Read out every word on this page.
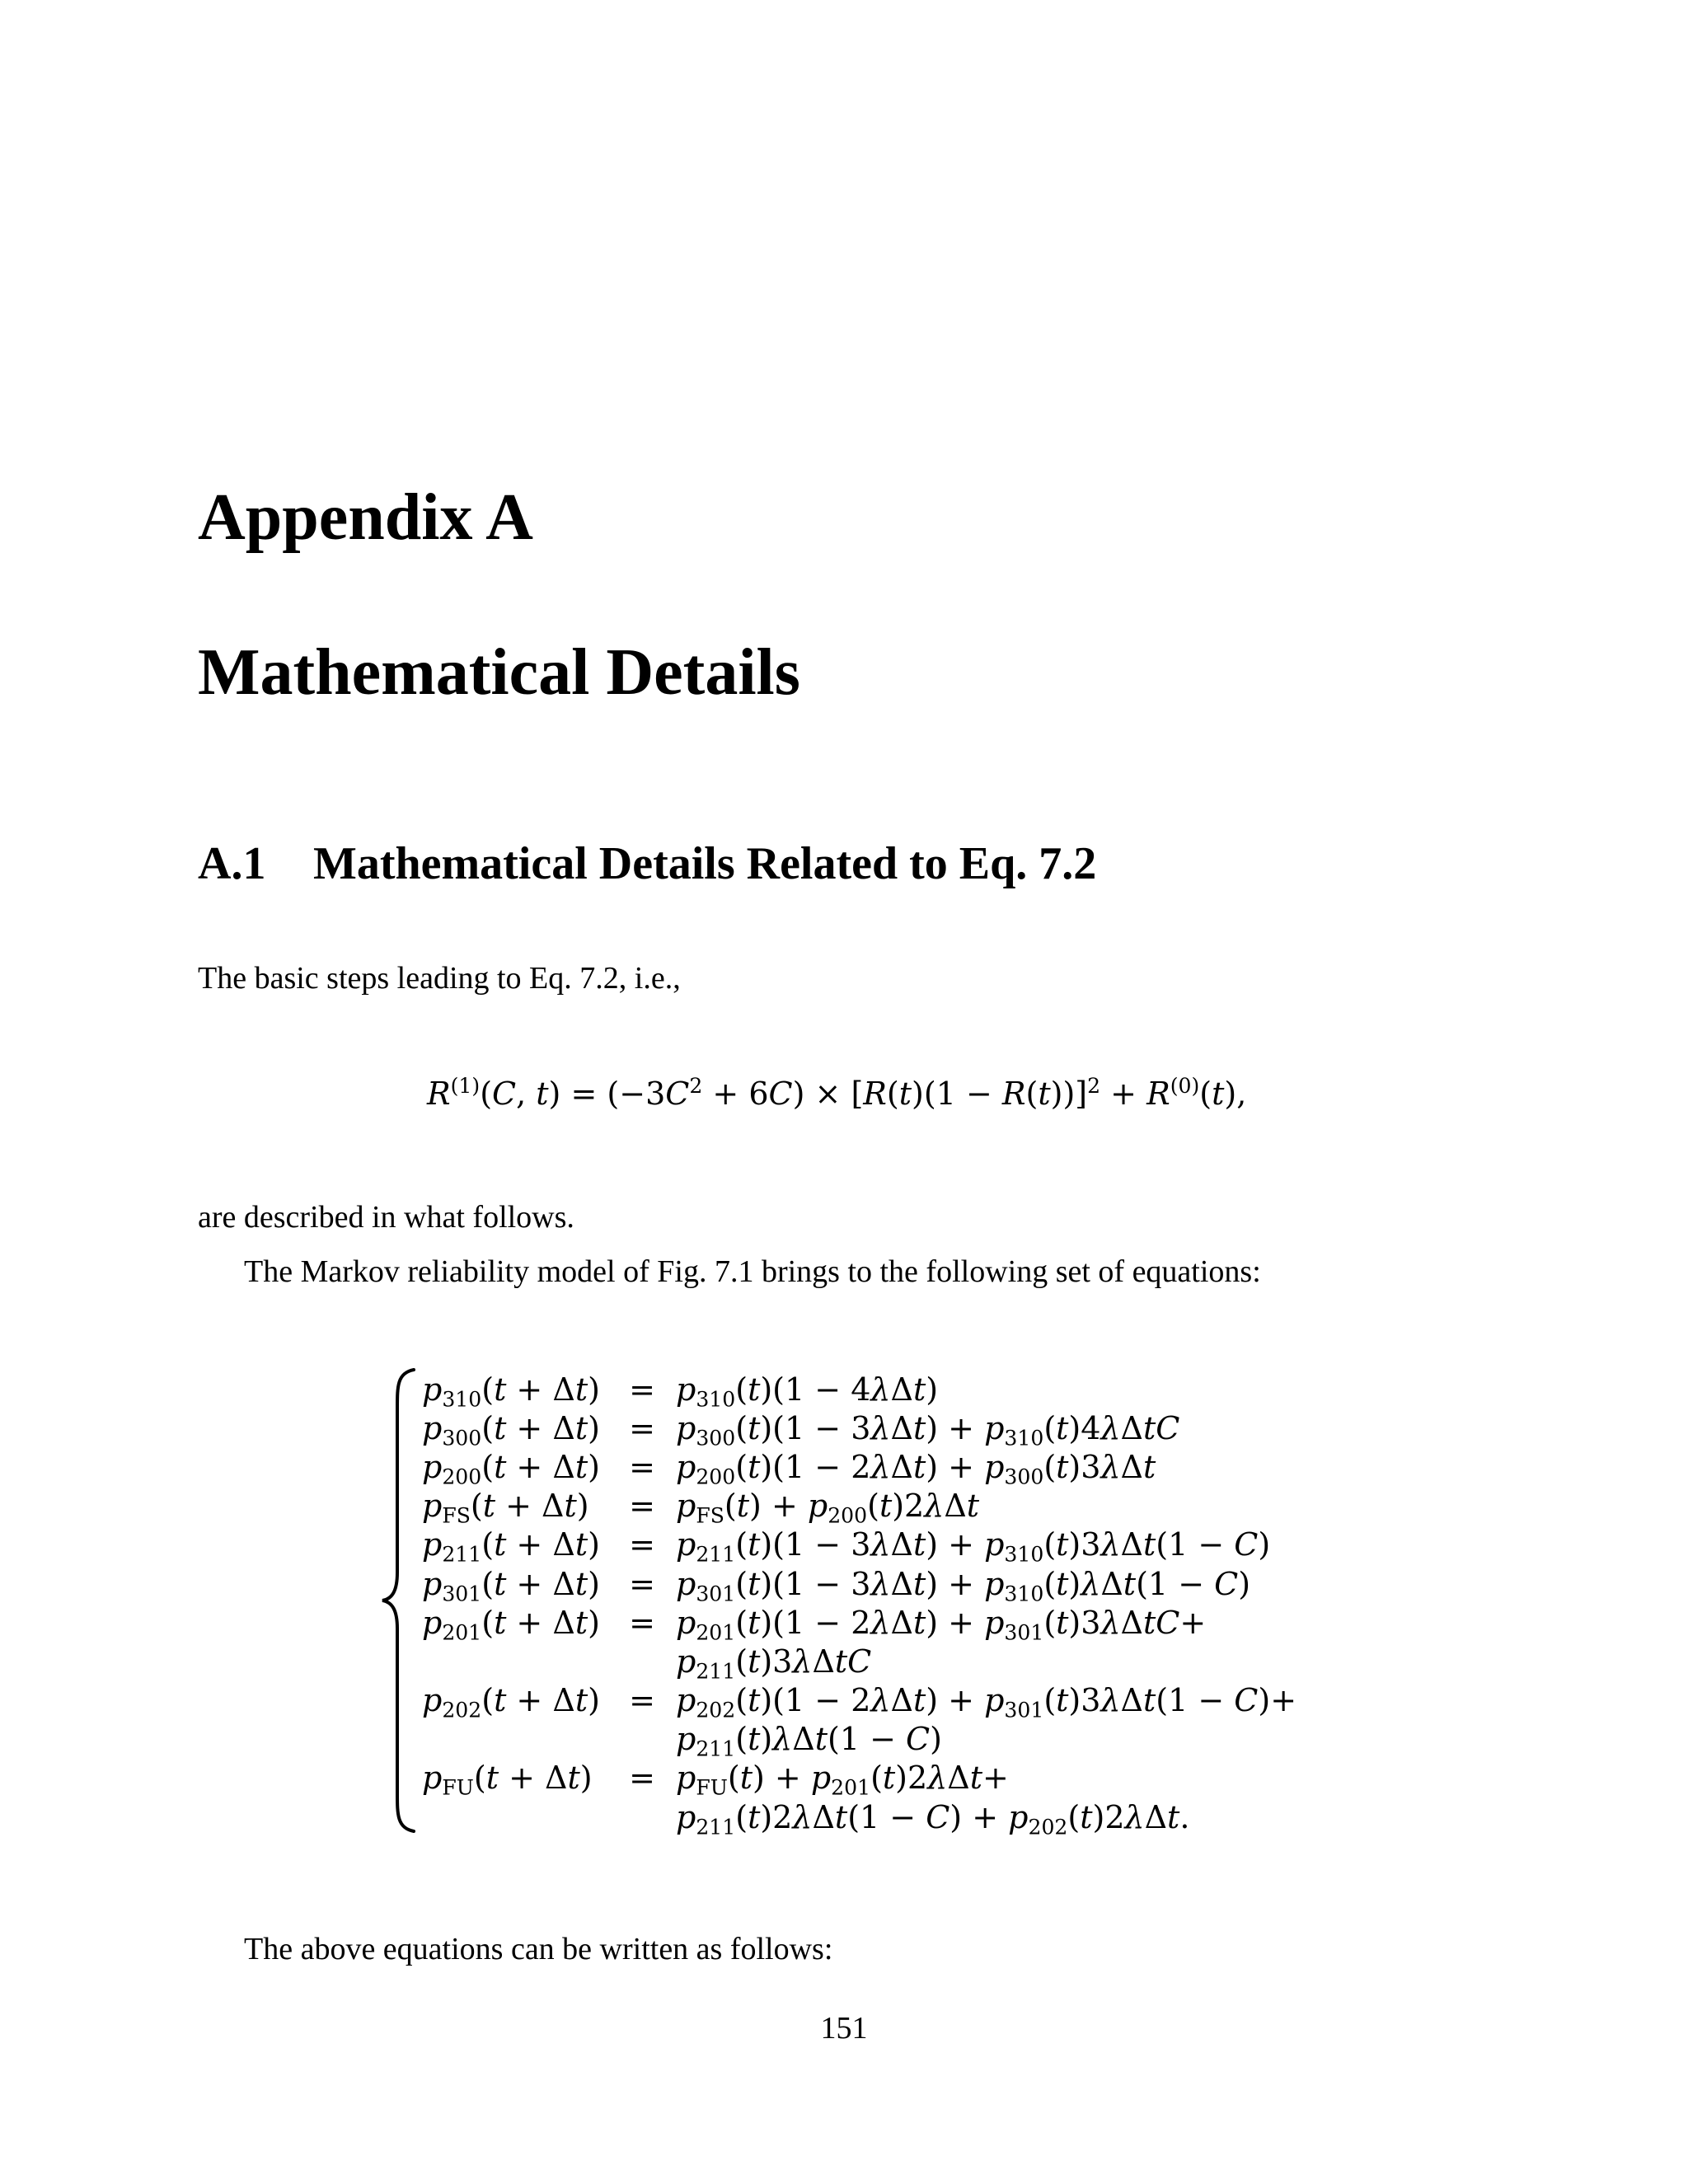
Appendix A
Mathematical Details
A.1 Mathematical Details Related to Eq. 7.2

The basic steps leading to Eq. 7.2, i.e.,

$R^{(1)}(C$, $t) = (-3C^2 + 6C) \times [R(t)(1 - R(t))]^2 + R^{(0)}(t)$,

are described in what follows.

The Markov reliability model of Fig. 7.1 brings to the following set of equations:

$p_{310}(t + \Delta t)$	=	$p_{310}(t)(1 - 4\lambda\Delta t)$
$p_{300}(t + \Delta t)$	=	$p_{300}(t)(1 - 3\lambda\Delta t) + p_{310}(t)4\lambda\Delta tC$
$p_{200}(t + \Delta t)$	=	$p_{200}(t)(1 - 2\lambda\Delta t) + p_{300}(t)3\lambda\Delta t$
$p_{FS}(t + \Delta t)$	=	$p_{FS}(t) + p_{200}(t)2\lambda\Delta t$
$p_{211}(t + \Delta t)$	=	$p_{211}(t)(1 - 3\lambda\Delta t) + p_{310}(t)3\lambda\Delta t(1 - C)$
$p_{301}(t + \Delta t)$	=	$p_{301}(t)(1 - 3\lambda\Delta t) + p_{310}(t)\lambda\Delta t(1 - C)$
$p_{201}(t + \Delta t)$	=	$p_{201}(t)(1 - 2\lambda\Delta t) + p_{301}(t)3\lambda\Delta tC+$
		$p_{211}(t)3\lambda\Delta tC$
$p_{202}(t + \Delta t)$	=	$p_{202}(t)(1 - 2\lambda\Delta t) + p_{301}(t)3\lambda\Delta t(1 - C)+$
		$p_{211}(t)\lambda\Delta t(1 - C)$
$p_{FU}(t + \Delta t)$	=	$p_{FU}(t) + p_{201}(t)2\lambda\Delta t+$
		$p_{211}(t)2\lambda\Delta t(1 - C) + p_{202}(t)2\lambda\Delta t$.

The above equations can be written as follows:

151
